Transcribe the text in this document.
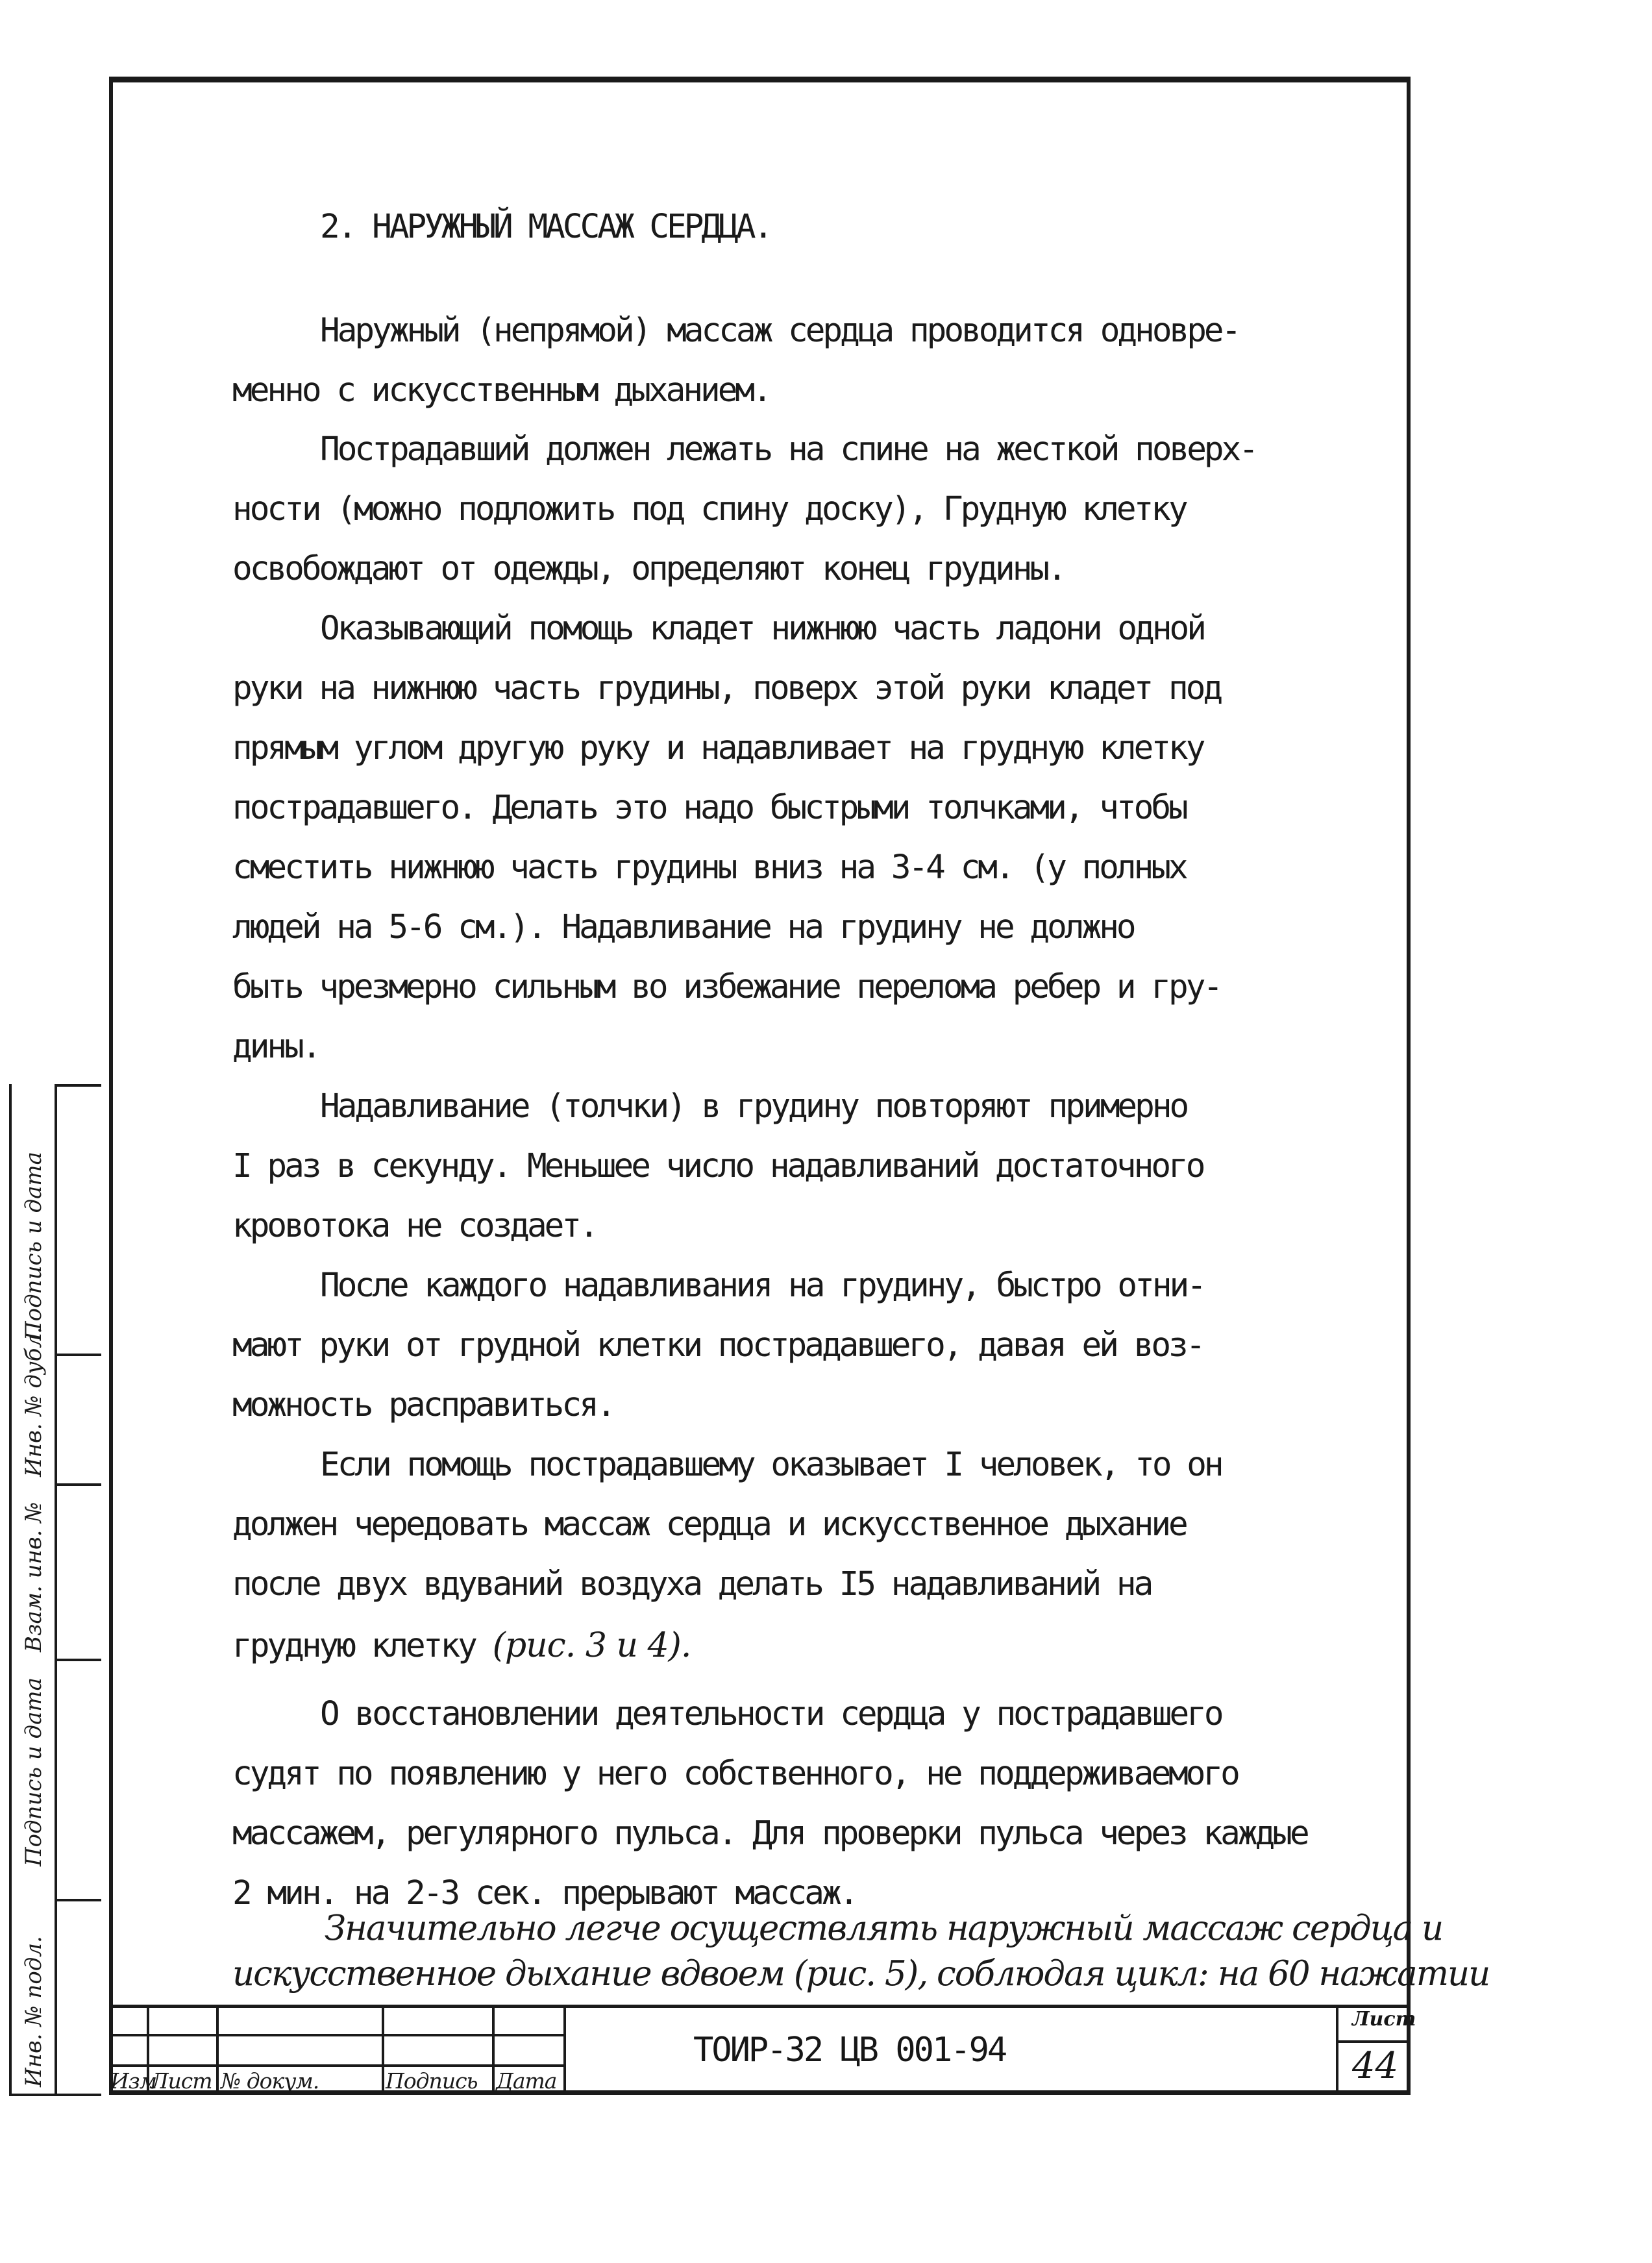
2. НАРУЖНЫЙ МАССАЖ СЕРДЦА.
Наружный (непрямой) массаж сердца проводится одновре-
менно с искусственным дыханием.
Пострадавший должен лежать на спине на жесткой поверх-
ности (можно подложить под спину доску), Грудную клетку
освобождают от одежды, определяют конец грудины.
Оказывающий помощь кладет нижнюю часть ладони одной
руки на нижнюю часть грудины, поверх этой руки кладет под
прямым углом другую руку и надавливает на грудную клетку
пострадавшего. Делать это надо быстрыми толчками, чтобы
сместить нижнюю часть грудины вниз на 3-4 см. (у полных
людей на 5-6 см.). Надавливание на грудину не должно
быть чрезмерно сильным во избежание перелома ребер и гру-
дины.
Надавливание (толчки) в грудину повторяют примерно
I раз в секунду. Меньшее число надавливаний достаточного
кровотока не создает.
После каждого надавливания на грудину, быстро отни-
мают руки от грудной клетки пострадавшего, давая ей воз-
можность расправиться.
Если помощь пострадавшему оказывает I человек, то он
должен чередовать массаж сердца и искусственное дыхание
после двух вдуваний воздуха делать I5 надавливаний на
грудную клетку (рис. 3 и 4).
О восстановлении деятельности сердца у пострадавшего
судят по появлению у него собственного, не поддерживаемого
массажем, регулярного пульса. Для проверки пульса через каждые
2 мин. на 2-3 сек. прерывают массаж.
Значительно легче осуществлять наружный массаж сердца и
искусственное дыхание вдвоем (рис. 5), соблюдая цикл: на 60 нажатии
Инв. № подл.
Подпись и дата
Взам. инв. №
Инв. № дубл.
Подпись и дата
Изм
Лист № докум.	Подпись Дата
ТОИР-32 ЦВ 001-94
Лист
44
